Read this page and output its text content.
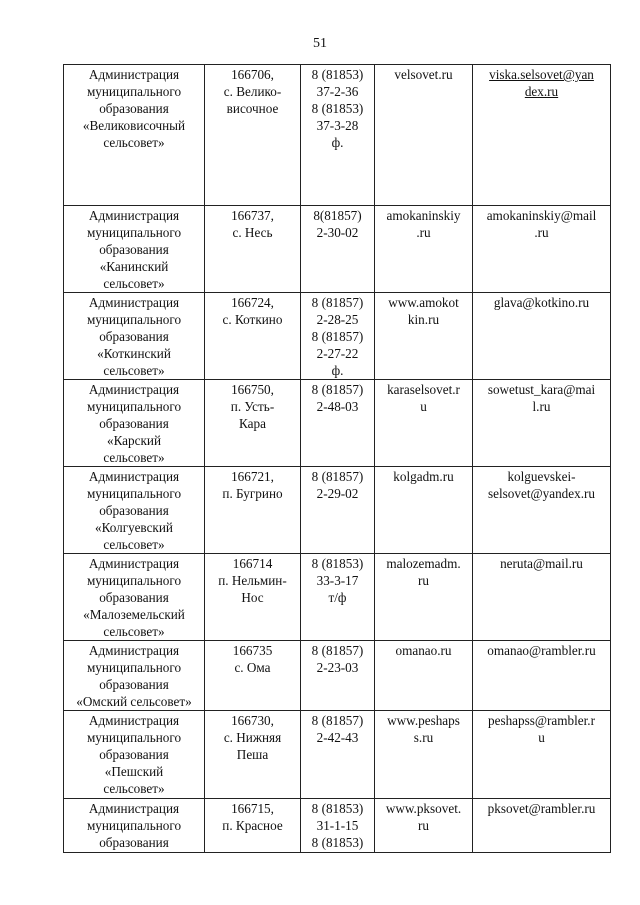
51
Администрация
муниципального
образования
«Великовисочный
сельсовет»	166706,
с. Велико-
височное	8 (81853)
37-2-36
8 (81853)
37-3-28
ф.	velsovet.ru	viska.selsovet@yan
dex.ru
Администрация
муниципального
образования
«Канинский
сельсовет»	166737,
с. Несь	8(81857)
2-30-02	amokaninskiy
.ru	amokaninskiy@mail
.ru
Администрация
муниципального
образования
«Коткинский
сельсовет»	166724,
с. Коткино	8 (81857)
2-28-25
8 (81857)
2-27-22
ф.	www.amokot
kin.ru	glava@kotkino.ru
Администрация
муниципального
образования
«Карский
сельсовет»	166750,
п. Усть-
Кара	8 (81857)
2-48-03	karaselsovet.r
u	sowetust_kara@mai
l.ru
Администрация
муниципального
образования
«Колгуевский
сельсовет»	166721,
п. Бугрино	8 (81857)
2-29-02	kolgadm.ru	kolguevskei-
selsovet@yandex.ru
Администрация
муниципального
образования
«Малоземельский
сельсовет»	166714
п. Нельмин-
Нос	8 (81853)
33-3-17
т/ф	malozemadm.
ru	neruta@mail.ru
Администрация
муниципального
образования
«Омский сельсовет»	166735
с. Ома	8 (81857)
2-23-03	omanao.ru	omanao@rambler.ru
Администрация
муниципального
образования
«Пешский
сельсовет»	166730,
с. Нижняя
Пеша	8 (81857)
2-42-43	www.peshaps
s.ru	peshapss@rambler.r
u
Администрация
муниципального
образования	166715,
п. Красное	8 (81853)
31-1-15
8 (81853)	www.pksovet.
ru	pksovet@rambler.ru
